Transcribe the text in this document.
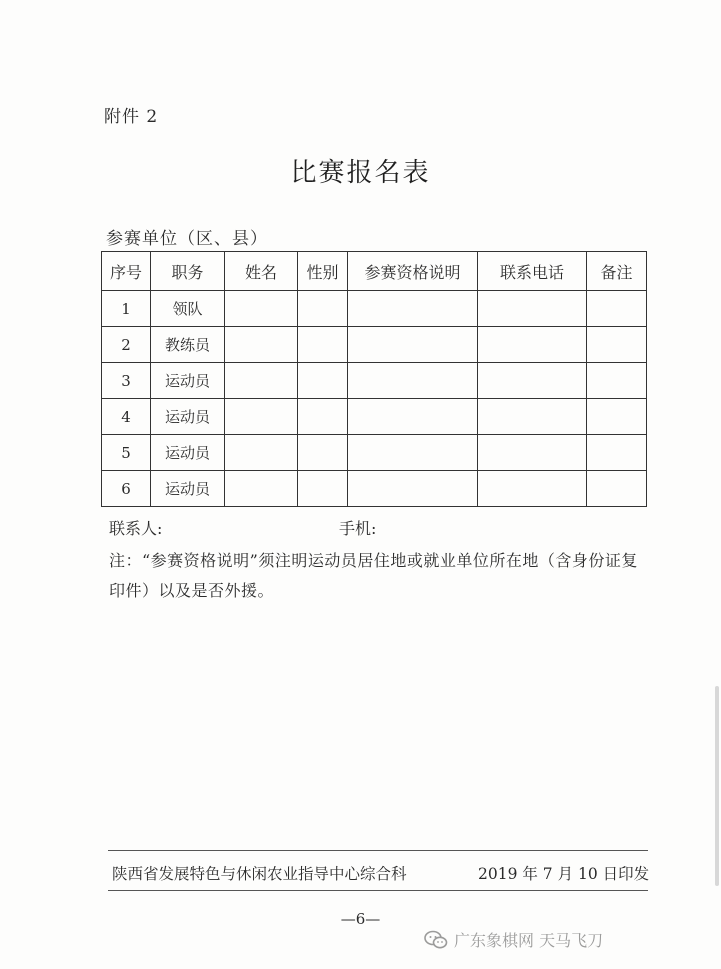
附件 2
比赛报名表
参赛单位（区、县）
序号	职务	姓名	性别	参赛资格说明	联系电话	备注
1	领队					
2	教练员					
3	运动员					
4	运动员					
5	运动员					
6	运动员					
联系人:	手机:
注：“参赛资格说明”须注明运动员居住地或就业单位所在地（含身份证复印件）以及是否外援。
陕西省发展特色与休闲农业指导中心综合科	2019 年 7 月 10 日印发
—6—
广东象棋网 天马飞刀
